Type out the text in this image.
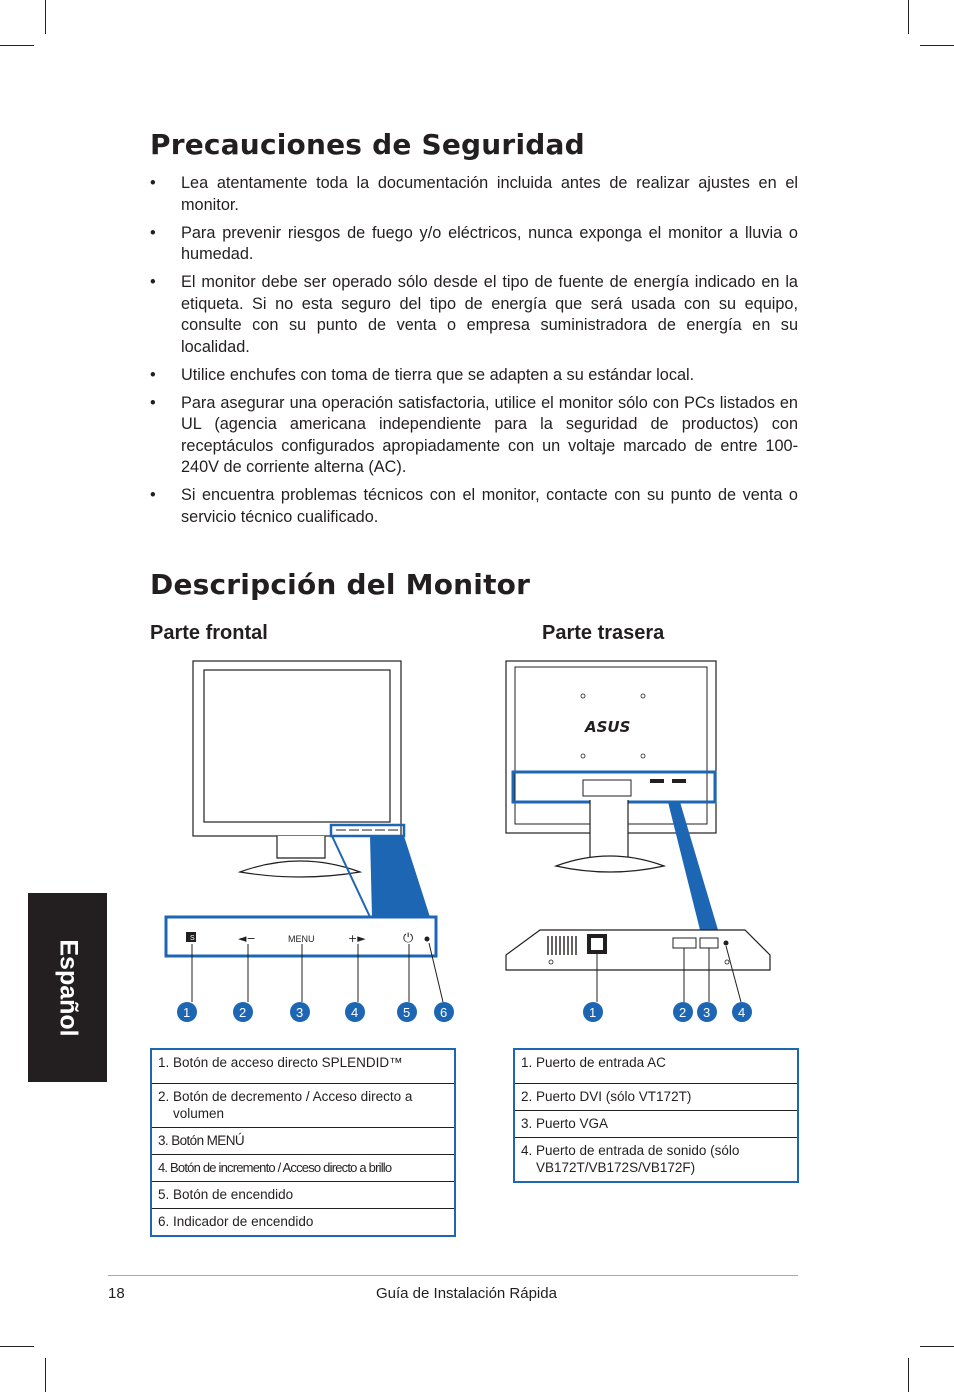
Precauciones de Seguridad
• Lea atentamente toda la documentación incluida antes de realizar ajustes en el monitor.
• Para prevenir riesgos de fuego y/o eléctricos, nunca exponga el monitor a lluvia o humedad.
• El monitor debe ser operado sólo desde el tipo de fuente de energía indicado en la etiqueta. Si no esta seguro del tipo de energía que será usada con su equipo, consulte con su punto de venta o empresa suministradora de energía en su localidad.
• Utilice enchufes con toma de tierra que se adapten a su estándar local.
• Para asegurar una operación satisfactoria, utilice el monitor sólo con PCs listados en UL (agencia americana independiente para la seguridad de productos) con receptáculos configurados apropiadamente con un voltaje marcado de entre 100-240V de corriente alterna (AC).
• Si encuentra problemas técnicos con el monitor, contacte con su punto de venta o servicio técnico cualificado.
Descripción del Monitor
Parte frontal	Parte trasera
S	◄−	MENU	+►	⏻
1	2	3	4	5 6
ASUS
1	2 3 4
1. Botón de acceso directo SPLENDID™
2. Botón de decremento / Acceso directo a
volumen

3. Botón MENÚ
4. Botón de incremento / Acceso directo a brillo
5. Botón de encendido
6. Indicador de encendido
1. Puerto de entrada AC
2. Puerto DVI (sólo VT172T)
3. Puerto VGA
4. Puerto de entrada de sonido (sólo
VB172T/VB172S/VB172F)
Español
18	Guía de Instalación Rápida
